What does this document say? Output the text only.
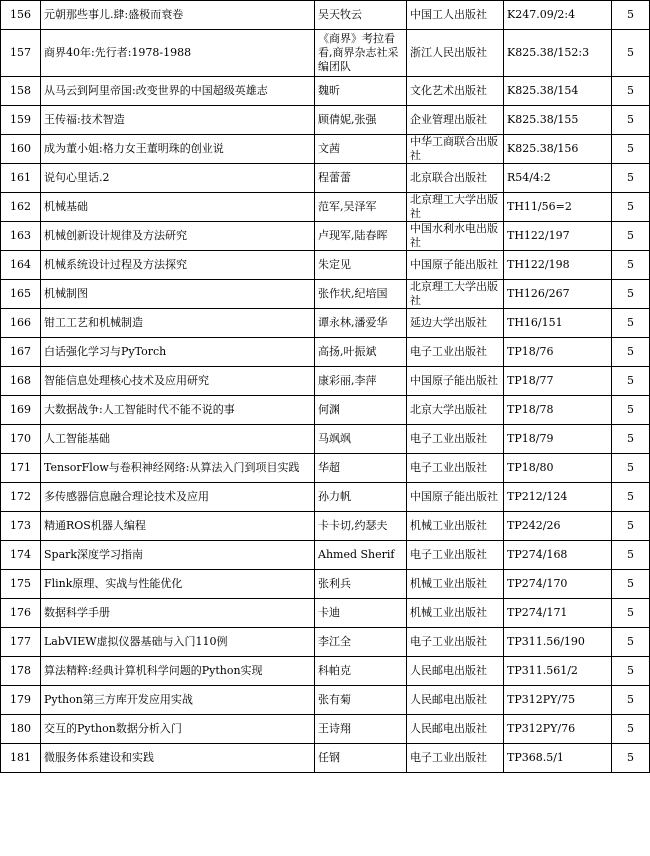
156	元朝那些事儿.肆:盛极而衰卷	吴天牧云	中国工人出版社	K247.09/2:4	5
157	商界40年:先行者:1978-1988	《商界》考拉看看,商界杂志社采编团队	浙江人民出版社	K825.38/152:3	5
158	从马云到阿里帝国:改变世界的中国超级英雄志	魏昕	文化艺术出版社	K825.38/154	5
159	王传福:技术智造	顾倩妮,张强	企业管理出版社	K825.38/155	5
160	成为董小姐:格力女王董明珠的创业说	文茜	中华工商联合出版社	K825.38/156	5
161	说句心里话.2	程蕾蕾	北京联合出版社	R54/4:2	5
162	机械基础	范军,吴泽军	北京理工大学出版社	TH11/56=2	5
163	机械创新设计规律及方法研究	卢现军,陆春晖	中国水利水电出版社	TH122/197	5
164	机械系统设计过程及方法探究	朱定见	中国原子能出版社	TH122/198	5
165	机械制图	张作状,纪培国	北京理工大学出版社	TH126/267	5
166	钳工工艺和机械制造	谭永林,潘爱华	延边大学出版社	TH16/151	5
167	白话强化学习与PyTorch	高扬,叶振斌	电子工业出版社	TP18/76	5
168	智能信息处理核心技术及应用研究	康彩丽,李萍	中国原子能出版社	TP18/77	5
169	大数据战争:人工智能时代不能不说的事	何渊	北京大学出版社	TP18/78	5
170	人工智能基础	马飒飒	电子工业出版社	TP18/79	5
171	TensorFlow与卷积神经网络:从算法入门到项目实践	华超	电子工业出版社	TP18/80	5
172	多传感器信息融合理论技术及应用	孙力帆	中国原子能出版社	TP212/124	5
173	精通ROS机器人编程	卡卡切,约瑟夫	机械工业出版社	TP242/26	5
174	Spark深度学习指南	Ahmed Sherif	电子工业出版社	TP274/168	5
175	Flink原理、实战与性能优化	张利兵	机械工业出版社	TP274/170	5
176	数据科学手册	卡迪	机械工业出版社	TP274/171	5
177	LabVIEW虚拟仪器基础与入门110例	李江全	电子工业出版社	TP311.56/190	5
178	算法精粹:经典计算机科学问题的Python实现	科帕克	人民邮电出版社	TP311.561/2	5
179	Python第三方库开发应用实战	张有菊	人民邮电出版社	TP312PY/75	5
180	交互的Python数据分析入门	王诗翔	人民邮电出版社	TP312PY/76	5
181	微服务体系建设和实践	任钢	电子工业出版社	TP368.5/1	5
